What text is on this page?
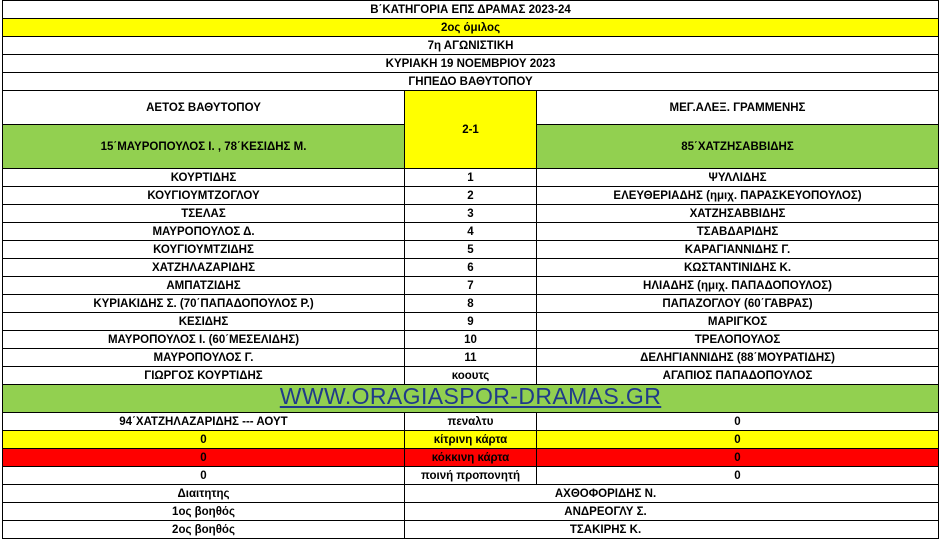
Β΄ΚΑΤΗΓΟΡΙΑ ΕΠΣ ΔΡΑΜΑΣ 2023-24		
2ος όμιλος		
7η ΑΓΩΝΙΣΤΙΚΗ		
ΚΥΡΙΑΚΗ 19 ΝΟΕΜΒΡΙΟΥ 2023		
ΓΗΠΕΔΟ ΒΑΘΥΤΟΠΟΥ		
ΑΕΤΟΣ ΒΑΘΥΤΟΠΟΥ	2-1	ΜΕΓ.ΑΛΕΞ. ΓΡΑΜΜΕΝΗΣ
15΄ΜΑΥΡΟΠΟΥΛΟΣ Ι. , 78΄ΚΕΣΙΔΗΣ Μ.		85΄ΧΑΤΖΗΣΑΒΒΙΔΗΣ
ΚΟΥΡΤΙΔΗΣ	1	ΨΥΛΛΙΔΗΣ
ΚΟΥΓΙΟΥΜΤΖΟΓΛΟΥ	2	ΕΛΕΥΘΕΡΙΑΔΗΣ (ημιχ. ΠΑΡΑΣΚΕΥΟΠΟΥΛΟΣ)
ΤΣΕΛΑΣ	3	ΧΑΤΖΗΣΑΒΒΙΔΗΣ
ΜΑΥΡΟΠΟΥΛΟΣ Δ.	4	ΤΣΑΒΔΑΡΙΔΗΣ
ΚΟΥΓΙΟΥΜΤΖΙΔΗΣ	5	ΚΑΡΑΓΙΑΝΝΙΔΗΣ Γ.
ΧΑΤΖΗΛΑΖΑΡΙΔΗΣ	6	ΚΩΣΤΑΝΤΙΝΙΔΗΣ Κ.
ΑΜΠΑΤΖΙΔΗΣ	7	ΗΛΙΑΔΗΣ (ημιχ. ΠΑΠΑΔΟΠΟΥΛΟΣ)
ΚΥΡΙΑΚΙΔΗΣ Σ. (70΄ΠΑΠΑΔΟΠΟΥΛΟΣ Ρ.)	8	ΠΑΠΑΖΟΓΛΟΥ (60΄ΓΑΒΡΑΣ)
ΚΕΣΙΔΗΣ	9	ΜΑΡΙΓΚΟΣ
ΜΑΥΡΟΠΟΥΛΟΣ Ι. (60΄ΜΕΣΕΛΙΔΗΣ)	10	ΤΡΕΛΟΠΟΥΛΟΣ
ΜΑΥΡΟΠΟΥΛΟΣ Γ.	11	ΔΕΛΗΓΙΑΝΝΙΔΗΣ (88΄ΜΟΥΡΑΤΙΔΗΣ)
ΓΙΩΡΓΟΣ ΚΟΥΡΤΙΔΗΣ	κοουτς	ΑΓΑΠΙΟΣ ΠΑΠΑΔΟΠΟΥΛΟΣ
WWW.ORAGIASPOR-DRAMAS.GR		
94΄ΧΑΤΖΗΛΑΖΑΡΙΔΗΣ --- ΑΟΥΤ	πεναλτυ	0
0	κίτρινη κάρτα	0
0	κόκκινη κάρτα	0
0	ποινή προπονητή	0
Διαιτητης	ΑΧΘΟΦΟΡΙΔΗΣ Ν.	
1ος βοηθός	ΑΝΔΡΕΟΓΛΥ Σ.	
2ος βοηθός	ΤΣΑΚΙΡΗΣ Κ.	
